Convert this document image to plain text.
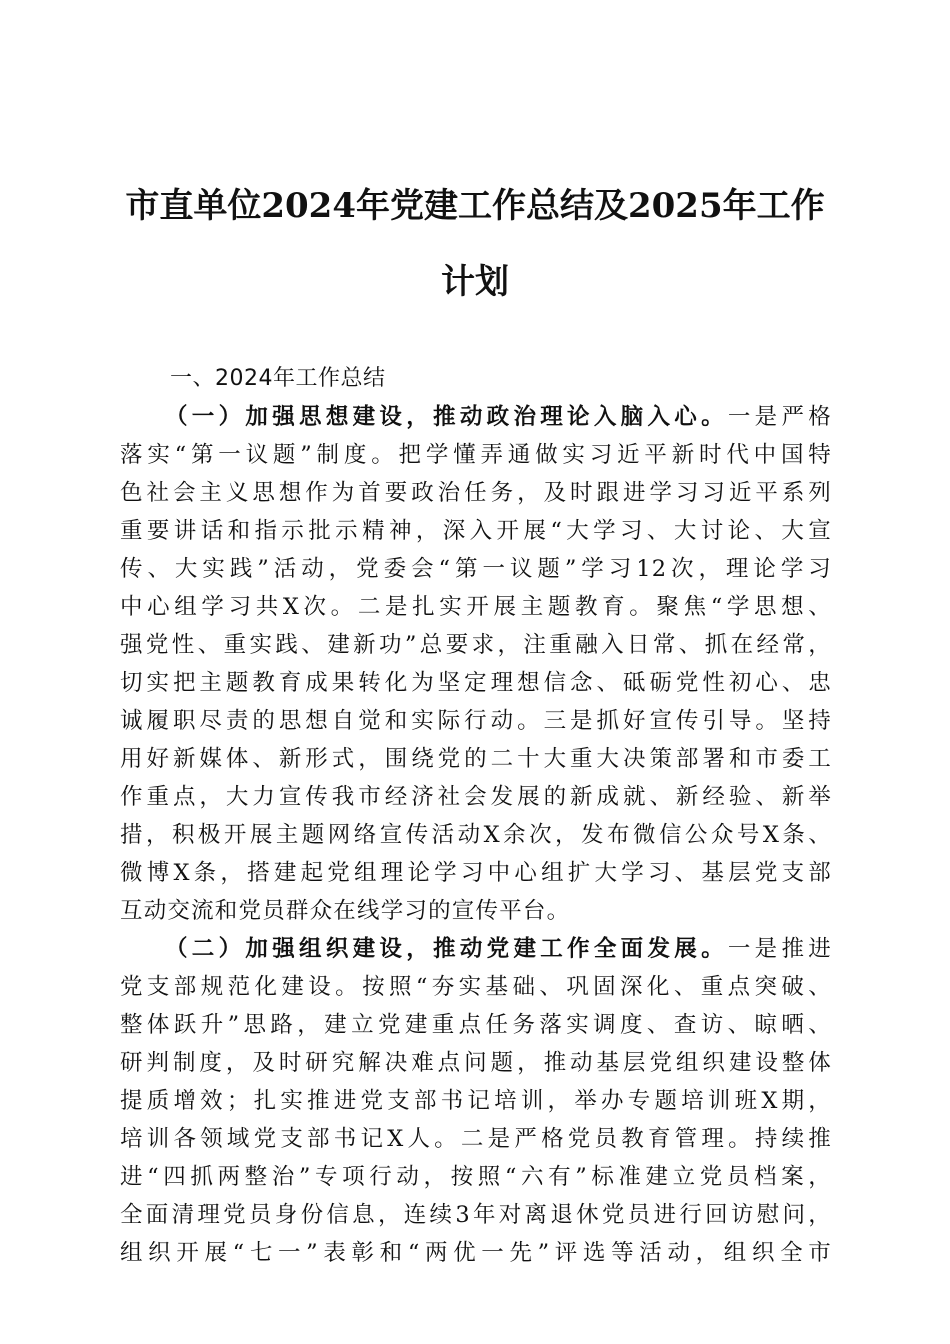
市直单位2024年党建工作总结及2025年工作
计划
一、2024年工作总结
（一）加强思想建设，推动政治理论入脑入心。一是严格
落实“第一议题”制度。把学懂弄通做实习近平新时代中国特
色社会主义思想作为首要政治任务，及时跟进学习习近平系列
重要讲话和指示批示精神，深入开展“大学习、大讨论、大宣
传、大实践”活动，党委会“第一议题”学习12次，理论学习
中心组学习共X次。二是扎实开展主题教育。聚焦“学思想、
强党性、重实践、建新功”总要求，注重融入日常、抓在经常，
切实把主题教育成果转化为坚定理想信念、砥砺党性初心、忠
诚履职尽责的思想自觉和实际行动。三是抓好宣传引导。坚持
用好新媒体、新形式，围绕党的二十大重大决策部署和市委工
作重点，大力宣传我市经济社会发展的新成就、新经验、新举
措，积极开展主题网络宣传活动X余次，发布微信公众号X条、
微博X条，搭建起党组理论学习中心组扩大学习、基层党支部
互动交流和党员群众在线学习的宣传平台。
（二）加强组织建设，推动党建工作全面发展。一是推进
党支部规范化建设。按照“夯实基础、巩固深化、重点突破、
整体跃升”思路，建立党建重点任务落实调度、查访、晾晒、
研判制度，及时研究解决难点问题，推动基层党组织建设整体
提质增效；扎实推进党支部书记培训，举办专题培训班X期，
培训各领域党支部书记X人。二是严格党员教育管理。持续推
进“四抓两整治”专项行动，按照“六有”标准建立党员档案，
全面清理党员身份信息，连续3年对离退休党员进行回访慰问，
组织开展“七一”表彰和“两优一先”评选等活动，组织全市
